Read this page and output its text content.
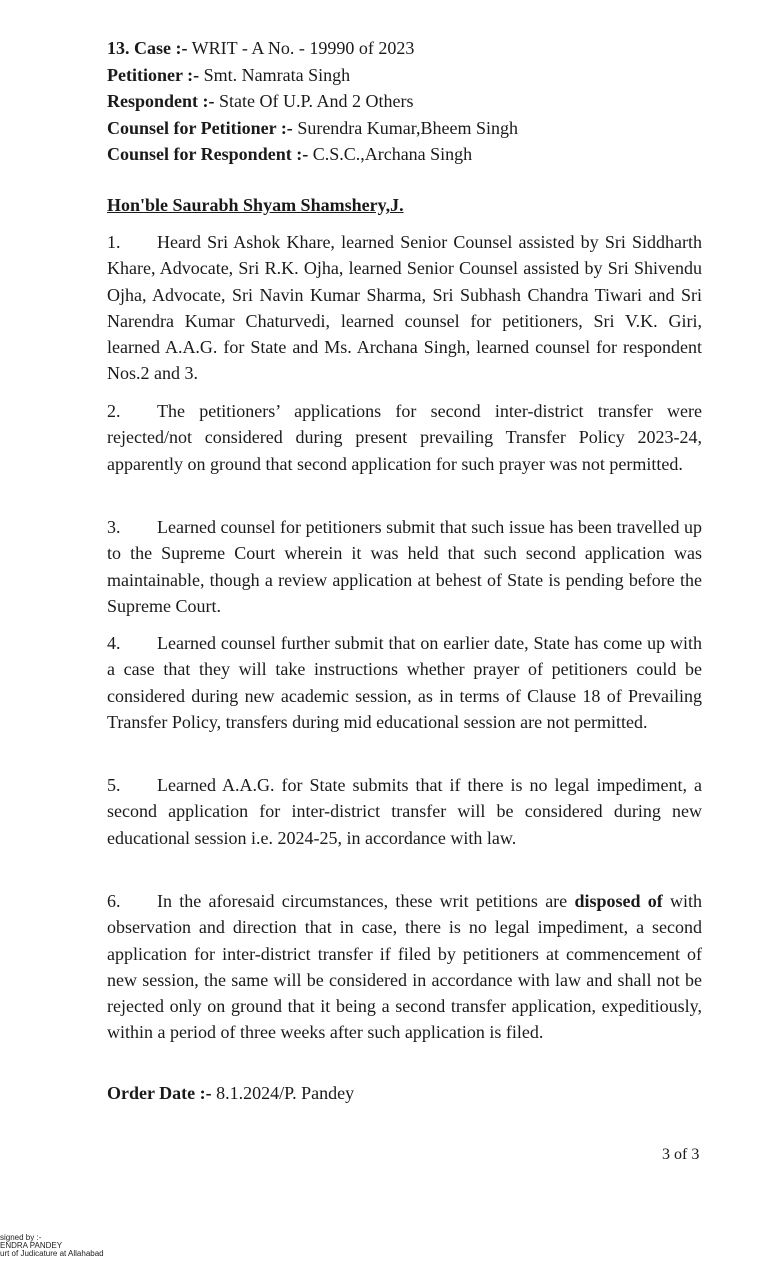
13. Case :- WRIT - A No. - 19990 of 2023
Petitioner :- Smt. Namrata Singh
Respondent :- State Of U.P. And 2 Others
Counsel for Petitioner :- Surendra Kumar,Bheem Singh
Counsel for Respondent :- C.S.C.,Archana Singh
Hon'ble Saurabh Shyam Shamshery,J.
1. Heard Sri Ashok Khare, learned Senior Counsel assisted by Sri Siddharth Khare, Advocate, Sri R.K. Ojha, learned Senior Counsel assisted by Sri Shivendu Ojha, Advocate, Sri Navin Kumar Sharma, Sri Subhash Chandra Tiwari and Sri Narendra Kumar Chaturvedi, learned counsel for petitioners, Sri V.K. Giri, learned A.A.G. for State and Ms. Archana Singh, learned counsel for respondent Nos.2 and 3.
2. The petitioners’ applications for second inter-district transfer were rejected/not considered during present prevailing Transfer Policy 2023-24, apparently on ground that second application for such prayer was not permitted.
3. Learned counsel for petitioners submit that such issue has been travelled up to the Supreme Court wherein it was held that such second application was maintainable, though a review application at behest of State is pending before the Supreme Court.
4. Learned counsel further submit that on earlier date, State has come up with a case that they will take instructions whether prayer of petitioners could be considered during new academic session, as in terms of Clause 18 of Prevailing Transfer Policy, transfers during mid educational session are not permitted.
5. Learned A.A.G. for State submits that if there is no legal impediment, a second application for inter-district transfer will be considered during new educational session i.e. 2024-25, in accordance with law.
6. In the aforesaid circumstances, these writ petitions are disposed of with observation and direction that in case, there is no legal impediment, a second application for inter-district transfer if filed by petitioners at commencement of new session, the same will be considered in accordance with law and shall not be rejected only on ground that it being a second transfer application, expeditiously, within a period of three weeks after such application is filed.
Order Date :- 8.1.2024/P. Pandey
3 of 3
signed by :-
ENDRA PANDEY
urt of Judicature at Allahabad
